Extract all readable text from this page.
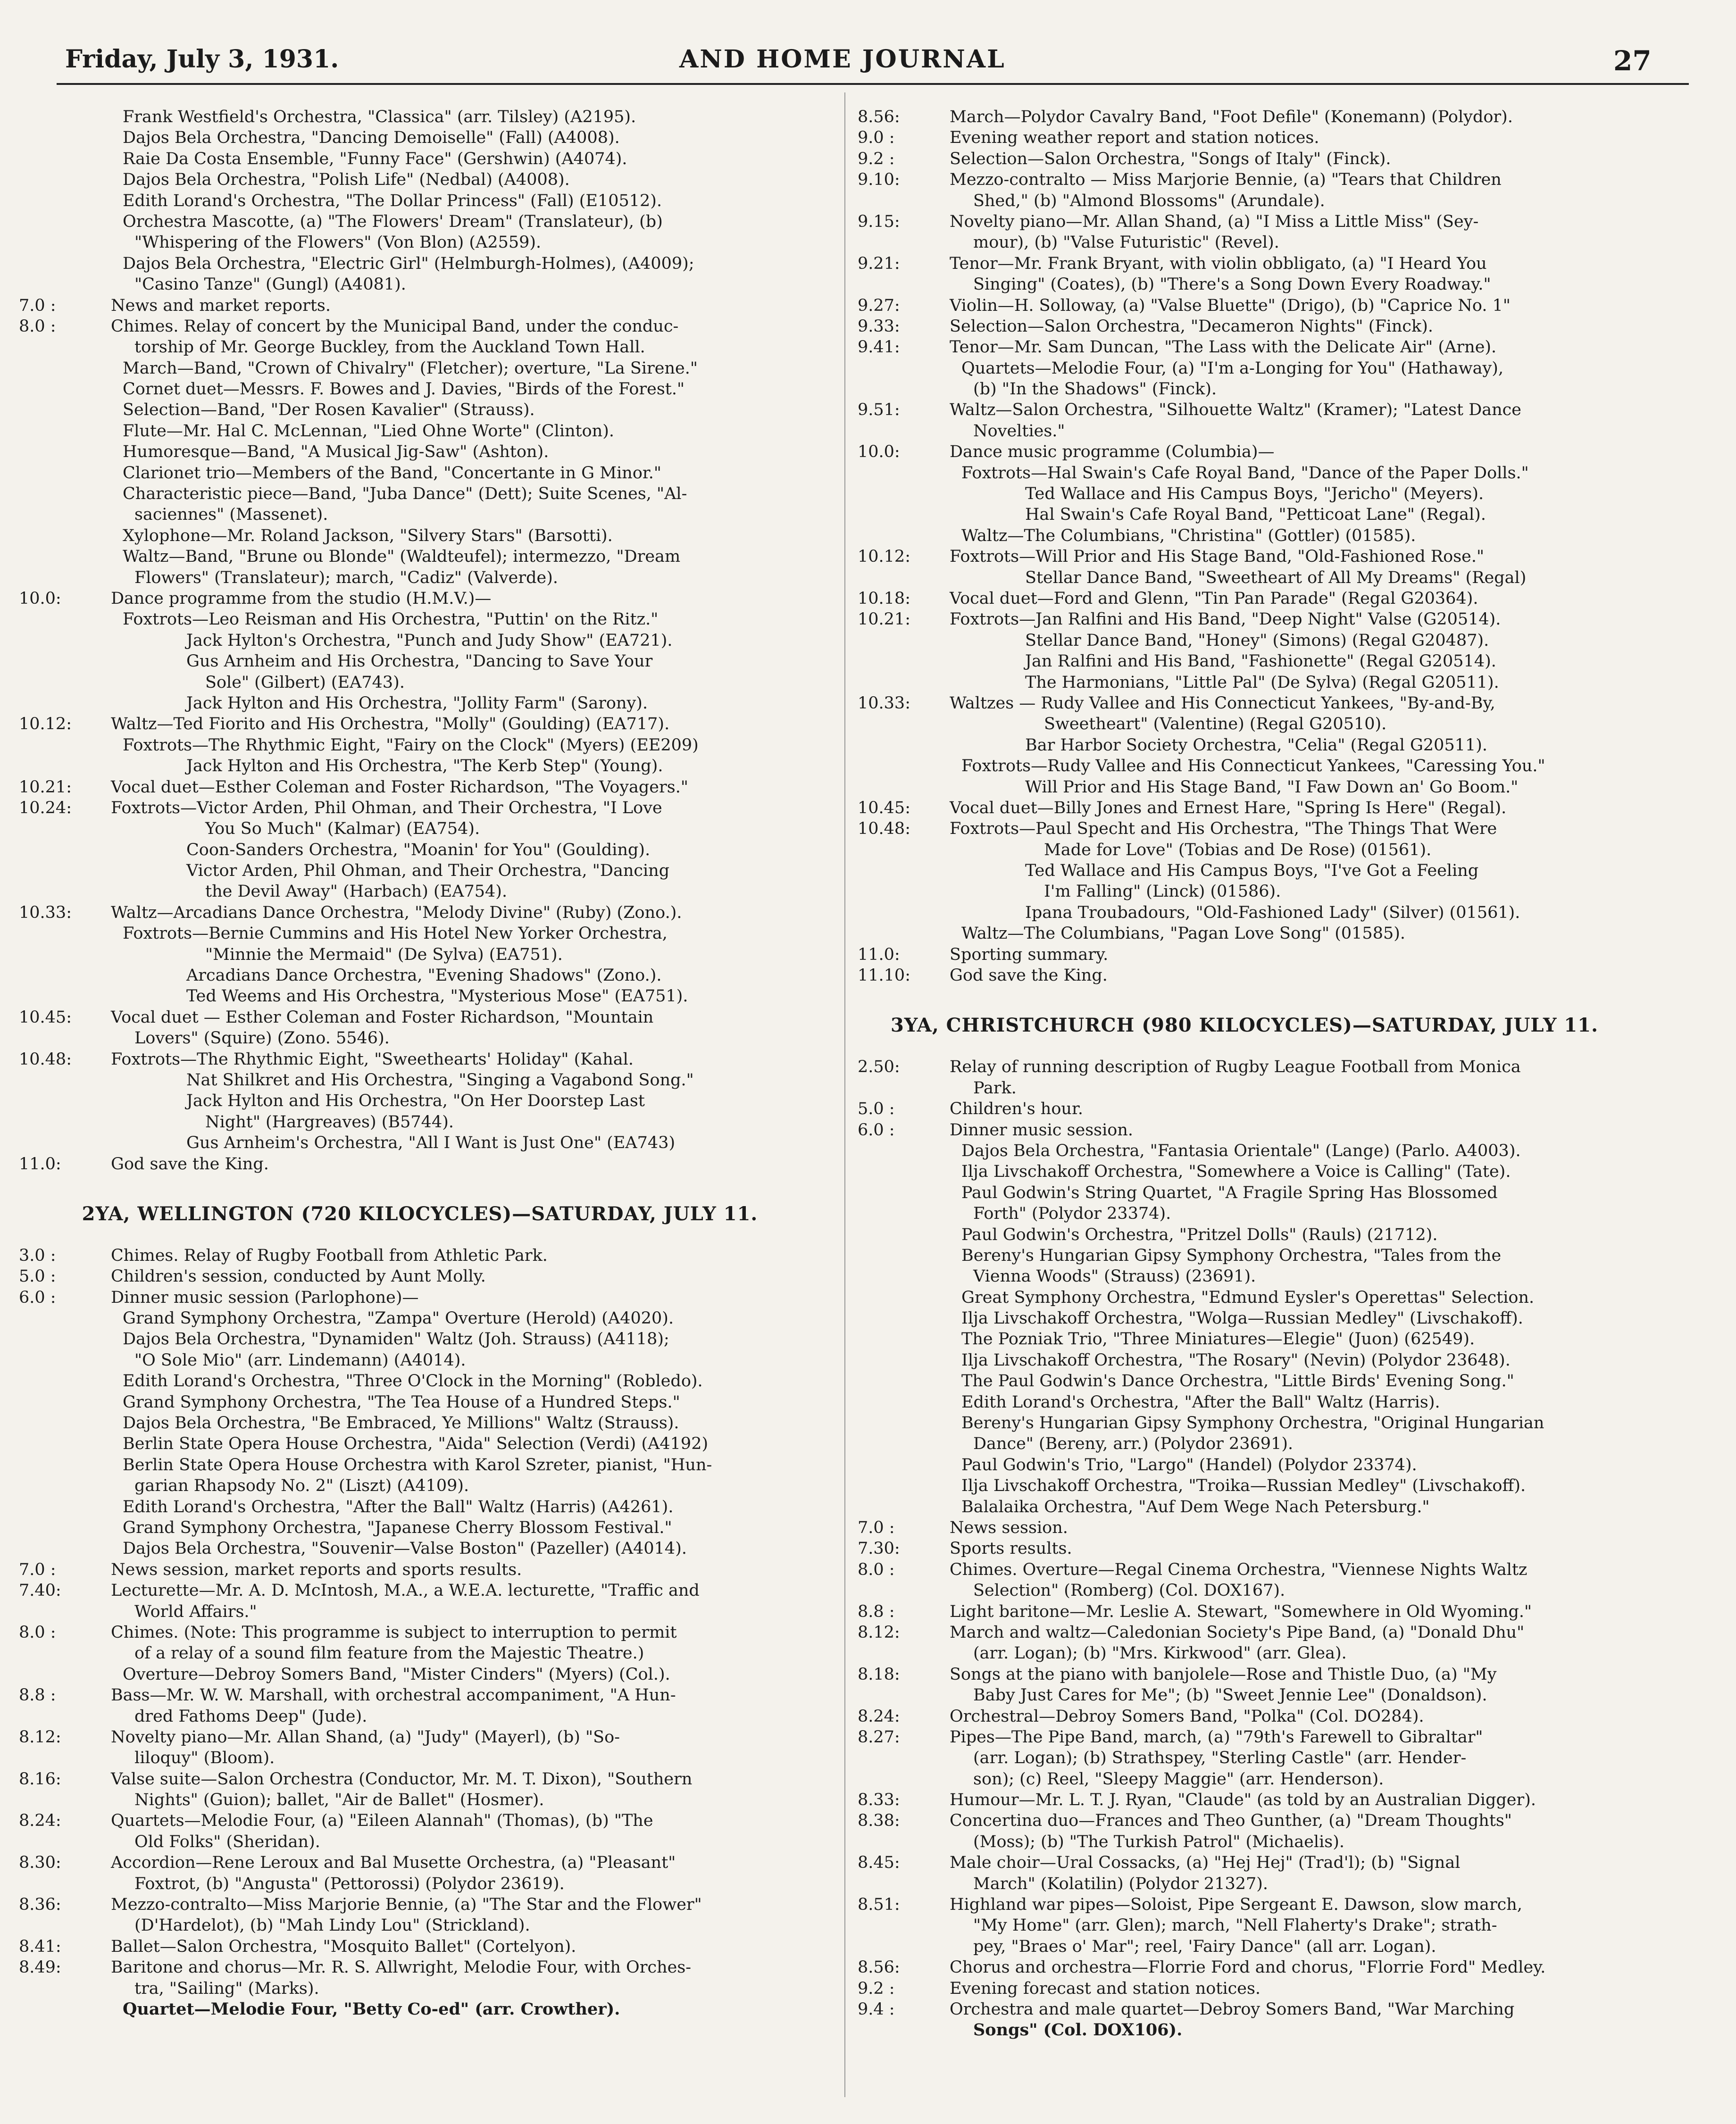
Friday, July 3, 1931.	AND HOME JOURNAL	27
Frank Westfield's Orchestra, "Classica" (arr. Tilsley) (A2195).
Dajos Bela Orchestra, "Dancing Demoiselle" (Fall) (A4008).
Raie Da Costa Ensemble, "Funny Face" (Gershwin) (A4074).
Dajos Bela Orchestra, "Polish Life" (Nedbal) (A4008).
Edith Lorand's Orchestra, "The Dollar Princess" (Fall) (E10512).
Orchestra Mascotte, (a) "The Flowers' Dream" (Translateur), (b)
"Whispering of the Flowers" (Von Blon) (A2559).
Dajos Bela Orchestra, "Electric Girl" (Helmburgh-Holmes), (A4009);
"Casino Tanze" (Gungl) (A4081).
7.0 :	News and market reports.
8.0 :	Chimes. Relay of concert by the Municipal Band, under the conduc-
torship of Mr. George Buckley, from the Auckland Town Hall.
March—Band, "Crown of Chivalry" (Fletcher); overture, "La Sirene."
Cornet duet—Messrs. F. Bowes and J. Davies, "Birds of the Forest."
Selection—Band, "Der Rosen Kavalier" (Strauss).
Flute—Mr. Hal C. McLennan, "Lied Ohne Worte" (Clinton).
Humoresque—Band, "A Musical Jig-Saw" (Ashton).
Clarionet trio—Members of the Band, "Concertante in G Minor."
Characteristic piece—Band, "Juba Dance" (Dett); Suite Scenes, "Al-
saciennes" (Massenet).
Xylophone—Mr. Roland Jackson, "Silvery Stars" (Barsotti).
Waltz—Band, "Brune ou Blonde" (Waldteufel); intermezzo, "Dream
Flowers" (Translateur); march, "Cadiz" (Valverde).
10.0:	Dance programme from the studio (H.M.V.)—
Foxtrots—Leo Reisman and His Orchestra, "Puttin' on the Ritz."
Jack Hylton's Orchestra, "Punch and Judy Show" (EA721).
Gus Arnheim and His Orchestra, "Dancing to Save Your
Sole" (Gilbert) (EA743).
Jack Hylton and His Orchestra, "Jollity Farm" (Sarony).
10.12:	Waltz—Ted Fiorito and His Orchestra, "Molly" (Goulding) (EA717).
Foxtrots—The Rhythmic Eight, "Fairy on the Clock" (Myers) (EE209)
Jack Hylton and His Orchestra, "The Kerb Step" (Young).
10.21:	Vocal duet—Esther Coleman and Foster Richardson, "The Voyagers."
10.24:	Foxtrots—Victor Arden, Phil Ohman, and Their Orchestra, "I Love
You So Much" (Kalmar) (EA754).
Coon-Sanders Orchestra, "Moanin' for You" (Goulding).
Victor Arden, Phil Ohman, and Their Orchestra, "Dancing
the Devil Away" (Harbach) (EA754).
10.33:	Waltz—Arcadians Dance Orchestra, "Melody Divine" (Ruby) (Zono.).
Foxtrots—Bernie Cummins and His Hotel New Yorker Orchestra,
"Minnie the Mermaid" (De Sylva) (EA751).
Arcadians Dance Orchestra, "Evening Shadows" (Zono.).
Ted Weems and His Orchestra, "Mysterious Mose" (EA751).
10.45:	Vocal duet — Esther Coleman and Foster Richardson, "Mountain
Lovers" (Squire) (Zono. 5546).
10.48:	Foxtrots—The Rhythmic Eight, "Sweethearts' Holiday" (Kahal.
Nat Shilkret and His Orchestra, "Singing a Vagabond Song."
Jack Hylton and His Orchestra, "On Her Doorstep Last
Night" (Hargreaves) (B5744).
Gus Arnheim's Orchestra, "All I Want is Just One" (EA743)
11.0:	God save the King.
2YA, WELLINGTON (720 KILOCYCLES)—SATURDAY, JULY 11.
3.0 :	Chimes. Relay of Rugby Football from Athletic Park.
5.0 :	Children's session, conducted by Aunt Molly.
6.0 :	Dinner music session (Parlophone)—
Grand Symphony Orchestra, "Zampa" Overture (Herold) (A4020).
Dajos Bela Orchestra, "Dynamiden" Waltz (Joh. Strauss) (A4118);
"O Sole Mio" (arr. Lindemann) (A4014).
Edith Lorand's Orchestra, "Three O'Clock in the Morning" (Robledo).
Grand Symphony Orchestra, "The Tea House of a Hundred Steps."
Dajos Bela Orchestra, "Be Embraced, Ye Millions" Waltz (Strauss).
Berlin State Opera House Orchestra, "Aida" Selection (Verdi) (A4192)
Berlin State Opera House Orchestra with Karol Szreter, pianist, "Hun-
garian Rhapsody No. 2" (Liszt) (A4109).
Edith Lorand's Orchestra, "After the Ball" Waltz (Harris) (A4261).
Grand Symphony Orchestra, "Japanese Cherry Blossom Festival."
Dajos Bela Orchestra, "Souvenir—Valse Boston" (Pazeller) (A4014).
7.0 :	News session, market reports and sports results.
7.40:	Lecturette—Mr. A. D. McIntosh, M.A., a W.E.A. lecturette, "Traffic and
World Affairs."
8.0 :	Chimes. (Note: This programme is subject to interruption to permit
of a relay of a sound film feature from the Majestic Theatre.)
Overture—Debroy Somers Band, "Mister Cinders" (Myers) (Col.).
8.8 :	Bass—Mr. W. W. Marshall, with orchestral accompaniment, "A Hun-
dred Fathoms Deep" (Jude).
8.12:	Novelty piano—Mr. Allan Shand, (a) "Judy" (Mayerl), (b) "So-
liloquy" (Bloom).
8.16:	Valse suite—Salon Orchestra (Conductor, Mr. M. T. Dixon), "Southern
Nights" (Guion); ballet, "Air de Ballet" (Hosmer).
8.24:	Quartets—Melodie Four, (a) "Eileen Alannah" (Thomas), (b) "The
Old Folks" (Sheridan).
8.30:	Accordion—Rene Leroux and Bal Musette Orchestra, (a) "Pleasant"
Foxtrot, (b) "Angusta" (Pettorossi) (Polydor 23619).
8.36:	Mezzo-contralto—Miss Marjorie Bennie, (a) "The Star and the Flower"
(D'Hardelot), (b) "Mah Lindy Lou" (Strickland).
8.41:	Ballet—Salon Orchestra, "Mosquito Ballet" (Cortelyon).
8.49:	Baritone and chorus—Mr. R. S. Allwright, Melodie Four, with Orches-
tra, "Sailing" (Marks).
Quartet—Melodie Four, "Betty Co-ed" (arr. Crowther).
8.56:	March—Polydor Cavalry Band, "Foot Defile" (Konemann) (Polydor).
9.0 :	Evening weather report and station notices.
9.2 :	Selection—Salon Orchestra, "Songs of Italy" (Finck).
9.10:	Mezzo-contralto — Miss Marjorie Bennie, (a) "Tears that Children
Shed," (b) "Almond Blossoms" (Arundale).
9.15:	Novelty piano—Mr. Allan Shand, (a) "I Miss a Little Miss" (Sey-
mour), (b) "Valse Futuristic" (Revel).
9.21:	Tenor—Mr. Frank Bryant, with violin obbligato, (a) "I Heard You
Singing" (Coates), (b) "There's a Song Down Every Roadway."
9.27:	Violin—H. Solloway, (a) "Valse Bluette" (Drigo), (b) "Caprice No. 1"
9.33:	Selection—Salon Orchestra, "Decameron Nights" (Finck).
9.41:	Tenor—Mr. Sam Duncan, "The Lass with the Delicate Air" (Arne).
Quartets—Melodie Four, (a) "I'm a-Longing for You" (Hathaway),
(b) "In the Shadows" (Finck).
9.51:	Waltz—Salon Orchestra, "Silhouette Waltz" (Kramer); "Latest Dance
Novelties."
10.0:	Dance music programme (Columbia)—
Foxtrots—Hal Swain's Cafe Royal Band, "Dance of the Paper Dolls."
Ted Wallace and His Campus Boys, "Jericho" (Meyers).
Hal Swain's Cafe Royal Band, "Petticoat Lane" (Regal).
Waltz—The Columbians, "Christina" (Gottler) (01585).
10.12:	Foxtrots—Will Prior and His Stage Band, "Old-Fashioned Rose."
Stellar Dance Band, "Sweetheart of All My Dreams" (Regal)
10.18:	Vocal duet—Ford and Glenn, "Tin Pan Parade" (Regal G20364).
10.21:	Foxtrots—Jan Ralfini and His Band, "Deep Night" Valse (G20514).
Stellar Dance Band, "Honey" (Simons) (Regal G20487).
Jan Ralfini and His Band, "Fashionette" (Regal G20514).
The Harmonians, "Little Pal" (De Sylva) (Regal G20511).
10.33:	Waltzes — Rudy Vallee and His Connecticut Yankees, "By-and-By,
Sweetheart" (Valentine) (Regal G20510).
Bar Harbor Society Orchestra, "Celia" (Regal G20511).
Foxtrots—Rudy Vallee and His Connecticut Yankees, "Caressing You."
Will Prior and His Stage Band, "I Faw Down an' Go Boom."
10.45:	Vocal duet—Billy Jones and Ernest Hare, "Spring Is Here" (Regal).
10.48:	Foxtrots—Paul Specht and His Orchestra, "The Things That Were
Made for Love" (Tobias and De Rose) (01561).
Ted Wallace and His Campus Boys, "I've Got a Feeling
I'm Falling" (Linck) (01586).
Ipana Troubadours, "Old-Fashioned Lady" (Silver) (01561).
Waltz—The Columbians, "Pagan Love Song" (01585).
11.0:	Sporting summary.
11.10:	God save the King.
3YA, CHRISTCHURCH (980 KILOCYCLES)—SATURDAY, JULY 11.
2.50:	Relay of running description of Rugby League Football from Monica
Park.
5.0 :	Children's hour.
6.0 :	Dinner music session.
Dajos Bela Orchestra, "Fantasia Orientale" (Lange) (Parlo. A4003).
Ilja Livschakoff Orchestra, "Somewhere a Voice is Calling" (Tate).
Paul Godwin's String Quartet, "A Fragile Spring Has Blossomed
Forth" (Polydor 23374).
Paul Godwin's Orchestra, "Pritzel Dolls" (Rauls) (21712).
Bereny's Hungarian Gipsy Symphony Orchestra, "Tales from the
Vienna Woods" (Strauss) (23691).
Great Symphony Orchestra, "Edmund Eysler's Operettas" Selection.
Ilja Livschakoff Orchestra, "Wolga—Russian Medley" (Livschakoff).
The Pozniak Trio, "Three Miniatures—Elegie" (Juon) (62549).
Ilja Livschakoff Orchestra, "The Rosary" (Nevin) (Polydor 23648).
The Paul Godwin's Dance Orchestra, "Little Birds' Evening Song."
Edith Lorand's Orchestra, "After the Ball" Waltz (Harris).
Bereny's Hungarian Gipsy Symphony Orchestra, "Original Hungarian
Dance" (Bereny, arr.) (Polydor 23691).
Paul Godwin's Trio, "Largo" (Handel) (Polydor 23374).
Ilja Livschakoff Orchestra, "Troika—Russian Medley" (Livschakoff).
Balalaika Orchestra, "Auf Dem Wege Nach Petersburg."
7.0 :	News session.
7.30:	Sports results.
8.0 :	Chimes. Overture—Regal Cinema Orchestra, "Viennese Nights Waltz
Selection" (Romberg) (Col. DOX167).
8.8 :	Light baritone—Mr. Leslie A. Stewart, "Somewhere in Old Wyoming."
8.12:	March and waltz—Caledonian Society's Pipe Band, (a) "Donald Dhu"
(arr. Logan); (b) "Mrs. Kirkwood" (arr. Glea).
8.18:	Songs at the piano with banjolele—Rose and Thistle Duo, (a) "My
Baby Just Cares for Me"; (b) "Sweet Jennie Lee" (Donaldson).
8.24:	Orchestral—Debroy Somers Band, "Polka" (Col. DO284).
8.27:	Pipes—The Pipe Band, march, (a) "79th's Farewell to Gibraltar"
(arr. Logan); (b) Strathspey, "Sterling Castle" (arr. Hender-
son); (c) Reel, "Sleepy Maggie" (arr. Henderson).
8.33:	Humour—Mr. L. T. J. Ryan, "Claude" (as told by an Australian Digger).
8.38:	Concertina duo—Frances and Theo Gunther, (a) "Dream Thoughts"
(Moss); (b) "The Turkish Patrol" (Michaelis).
8.45:	Male choir—Ural Cossacks, (a) "Hej Hej" (Trad'l); (b) "Signal
March" (Kolatilin) (Polydor 21327).
8.51:	Highland war pipes—Soloist, Pipe Sergeant E. Dawson, slow march,
"My Home" (arr. Glen); march, "Nell Flaherty's Drake"; strath-
pey, "Braes o' Mar"; reel, 'Fairy Dance" (all arr. Logan).
8.56:	Chorus and orchestra—Florrie Ford and chorus, "Florrie Ford" Medley.
9.2 :	Evening forecast and station notices.
9.4 :	Orchestra and male quartet—Debroy Somers Band, "War Marching
Songs" (Col. DOX106).
